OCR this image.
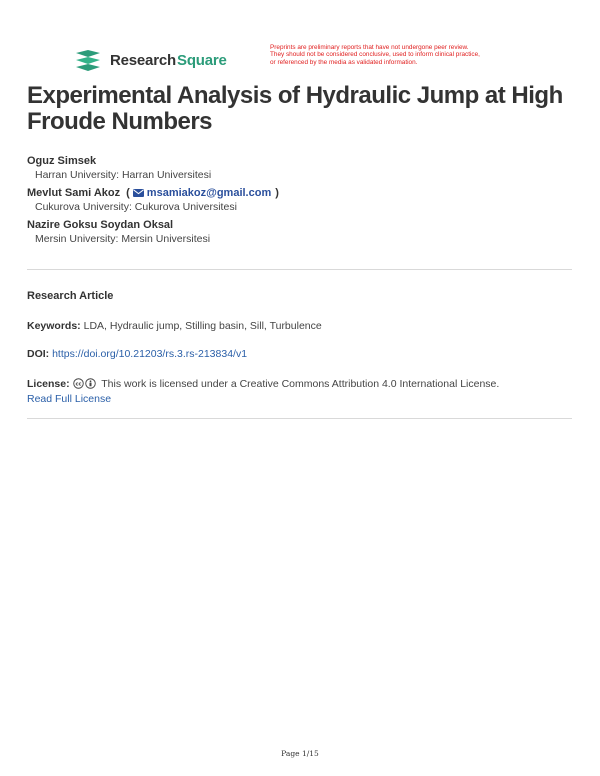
Research Square
Preprints are preliminary reports that have not undergone peer review.
They should not be considered conclusive, used to inform clinical practice,
or referenced by the media as validated information.
Experimental Analysis of Hydraulic Jump at High Froude Numbers
Oguz Simsek
Harran University: Harran Universitesi
Mevlut Sami Akoz ( msamiakoz@gmail.com )
Cukurova University: Cukurova Universitesi
Nazire Goksu Soydan Oksal
Mersin University: Mersin Universitesi
Research Article
Keywords: LDA, Hydraulic jump, Stilling basin, Sill, Turbulence
DOI: https://doi.org/10.21203/rs.3.rs-213834/v1
License: cc This work is licensed under a Creative Commons Attribution 4.0 International License.
Read Full License
Page 1/15
